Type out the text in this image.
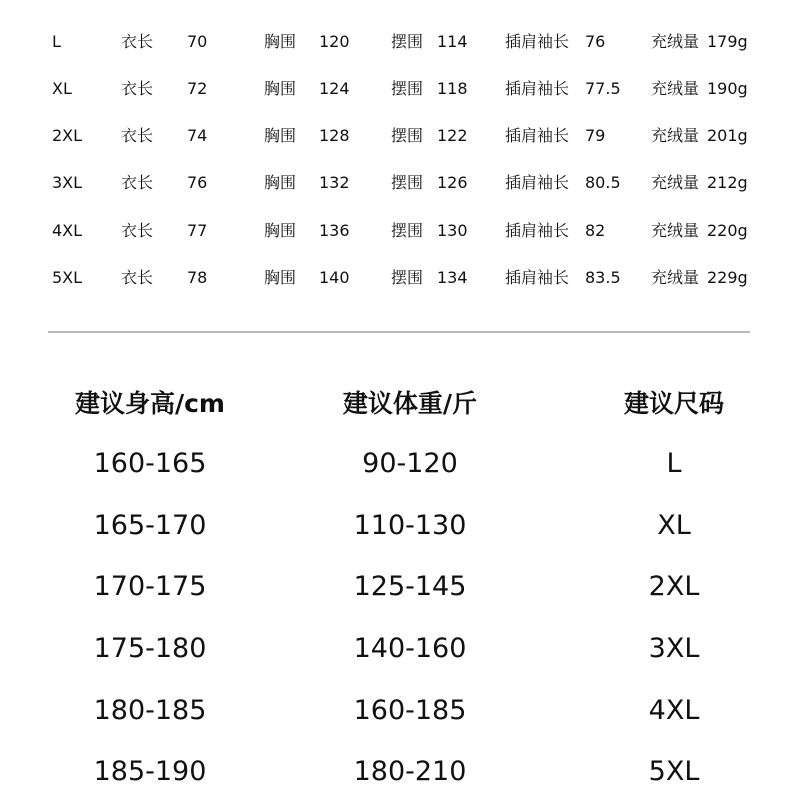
L	衣长 70	胸围 120	摆围 114 插肩袖长 76	充绒量 179g
XL	衣长 72	胸围 124	摆围 118 插肩袖长 77.5 充绒量 190g
2XL 衣长 74	胸围 128	摆围 122 插肩袖长 79	充绒量 201g
3XL 衣长 76	胸围 132	摆围 126 插肩袖长 80.5 充绒量 212g
4XL 衣长 77	胸围 136	摆围 130 插肩袖长 82	充绒量 220g
5XL 衣长 78	胸围 140	摆围 134 插肩袖长 83.5 充绒量 229g
建议身高/cm	建议体重/斤	建议尺码
160-165	90-120	L
165-170	110-130	XL
170-175	125-145	2XL
175-180	140-160	3XL
180-185	160-185	4XL
185-190	180-210	5XL
